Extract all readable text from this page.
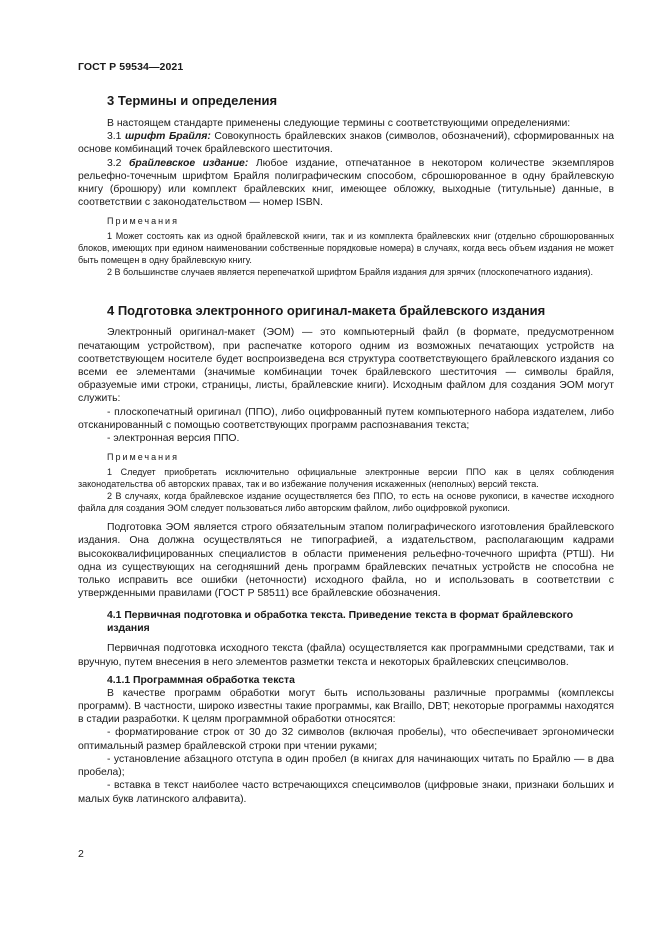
ГОСТ Р 59534—2021
3 Термины и определения

В настоящем стандарте применены следующие термины с соответствующими определениями:

3.1 шрифт Брайля: Совокупность брайлевских знаков (символов, обозначений), сформированных на основе комбинаций точек брайлевского шеститочия.

3.2 брайлевское издание: Любое издание, отпечатанное в некотором количестве экземпляров рельефно-точечным шрифтом Брайля полиграфическим способом, сброшюрованное в одну брайлевскую книгу (брошюру) или комплект брайлевских книг, имеющее обложку, выходные (титульные) данные, в соответствии с законодательством — номер ISBN.

Примечания
1 Может состоять как из одной брайлевской книги, так и из комплекта брайлевских книг (отдельно сброшюрованных блоков, имеющих при едином наименовании собственные порядковые номера) в случаях, когда весь объем издания не может быть помещен в одну брайлевскую книгу.
2 В большинстве случаев является перепечаткой шрифтом Брайля издания для зрячих (плоскопечатного издания).
4 Подготовка электронного оригинал-макета брайлевского издания

Электронный оригинал-макет (ЭОМ) — это компьютерный файл (в формате, предусмотренном печатающим устройством), при распечатке которого одним из возможных печатающих устройств на соответствующем носителе будет воспроизведена вся структура соответствующего брайлевского издания со всеми ее элементами (значимые комбинации точек брайлевского шеститочия — символы брайля, образуемые ими строки, страницы, листы, брайлевские книги). Исходным файлом для создания ЭОМ могут служить:

- плоскопечатный оригинал (ППО), либо оцифрованный путем компьютерного набора издателем, либо отсканированный с помощью соответствующих программ распознавания текста;

- электронная версия ППО.

Примечания
1 Следует приобретать исключительно официальные электронные версии ППО как в целях соблюдения законодательства об авторских правах, так и во избежание получения искаженных (неполных) версий текста.
2 В случаях, когда брайлевское издание осуществляется без ППО, то есть на основе рукописи, в качестве исходного файла для создания ЭОМ следует пользоваться либо авторским файлом, либо оцифровкой рукописи.

Подготовка ЭОМ является строго обязательным этапом полиграфического изготовления брайлевского издания. Она должна осуществляться не типографией, а издательством, располагающим кадрами высококвалифицированных специалистов в области применения рельефно-точечного шрифта (РТШ). Ни одна из существующих на сегодняшний день программ брайлевских печатных устройств не способна не только исправить все ошибки (неточности) исходного файла, но и использовать в соответствии с утвержденными правилами (ГОСТ Р 58511) все брайлевские обозначения.

4.1 Первичная подготовка и обработка текста. Приведение текста в формат брайлевского издания

Первичная подготовка исходного текста (файла) осуществляется как программными средствами, так и вручную, путем внесения в него элементов разметки текста и некоторых брайлевских спецсимволов.

4.1.1 Программная обработка текста

В качестве программ обработки могут быть использованы различные программы (комплексы программ). В частности, широко известны такие программы, как Braillo, DBT; некоторые программы находятся в стадии разработки. К целям программной обработки относятся:

- форматирование строк от 30 до 32 символов (включая пробелы), что обеспечивает эргономически оптимальный размер брайлевской строки при чтении руками;

- установление абзацного отступа в один пробел (в книгах для начинающих читать по Брайлю — в два пробела);

- вставка в текст наиболее часто встречающихся спецсимволов (цифровые знаки, признаки больших и малых букв латинского алфавита).

2
